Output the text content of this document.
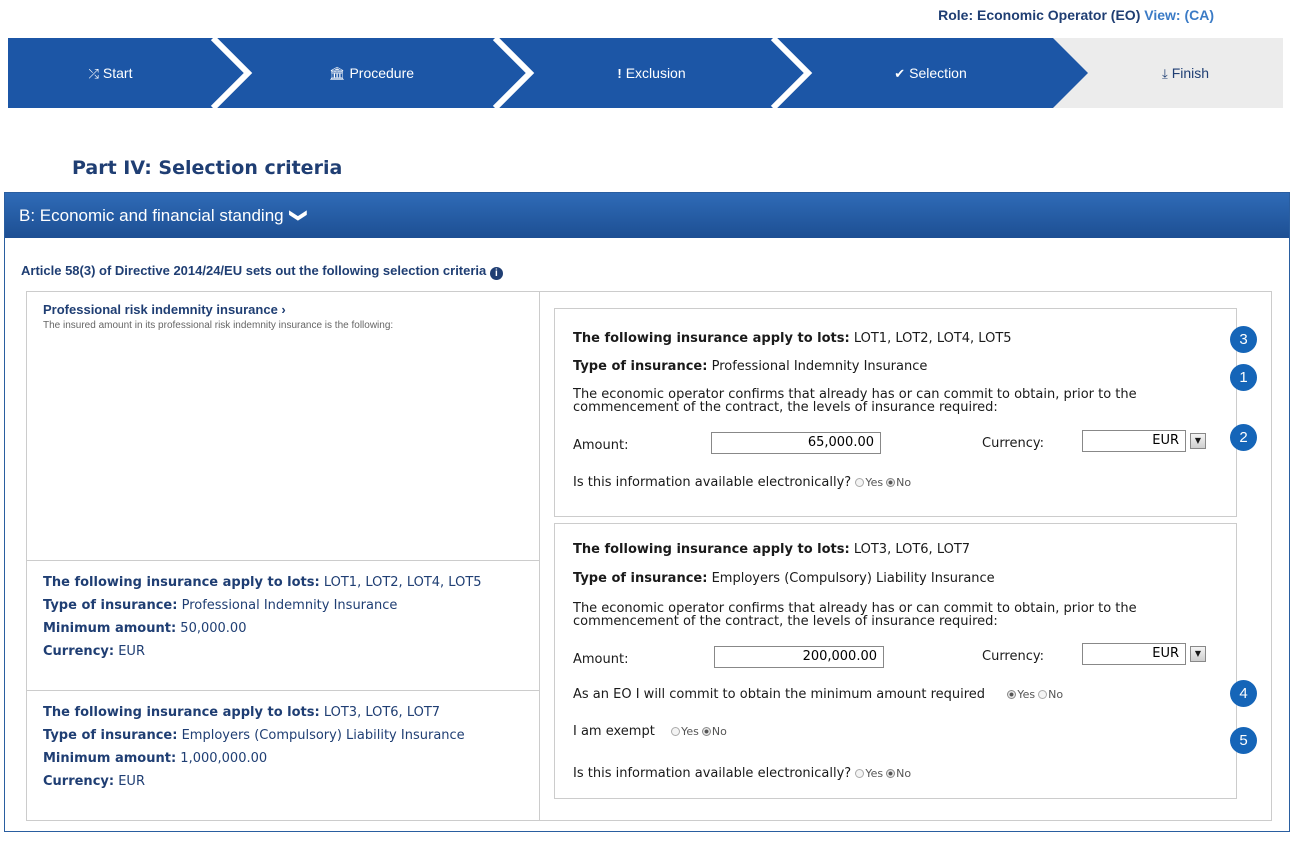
Role: Economic Operator (EO) View: (CA)
⤮ Start	🏛 Procedure	! Exclusion	✔ Selection	⤓ Finish
Part IV: Selection criteria
B: Economic and financial standing ❯
Article 58(3) of Directive 2014/24/EU sets out the following selection criteria i
Professional risk indemnity insurance ›
The insured amount in its professional risk indemnity insurance is the following:
The following insurance apply to lots: LOT1, LOT2, LOT4, LOT5
Type of insurance: Professional Indemnity Insurance
Minimum amount: 50,000.00
Currency: EUR
The following insurance apply to lots: LOT3, LOT6, LOT7
Type of insurance: Employers (Compulsory) Liability Insurance
Minimum amount: 1,000,000.00
Currency: EUR
The following insurance apply to lots: LOT1, LOT2, LOT4, LOT5
Type of insurance: Professional Indemnity Insurance
The economic operator confirms that already has or can commit to obtain, prior to the commencement of the contract, the levels of insurance required:
Amount:	65,000.00	Currency:	EUR	▼
Is this information available electronically? Yes No
The following insurance apply to lots: LOT3, LOT6, LOT7
Type of insurance: Employers (Compulsory) Liability Insurance
The economic operator confirms that already has or can commit to obtain, prior to the commencement of the contract, the levels of insurance required:
Amount:	200,000.00	Currency:	EUR	▼
As an EO I will commit to obtain the minimum amount required	Yes No
I am exempt Yes No
Is this information available electronically? Yes No
3
1
2
4
5
